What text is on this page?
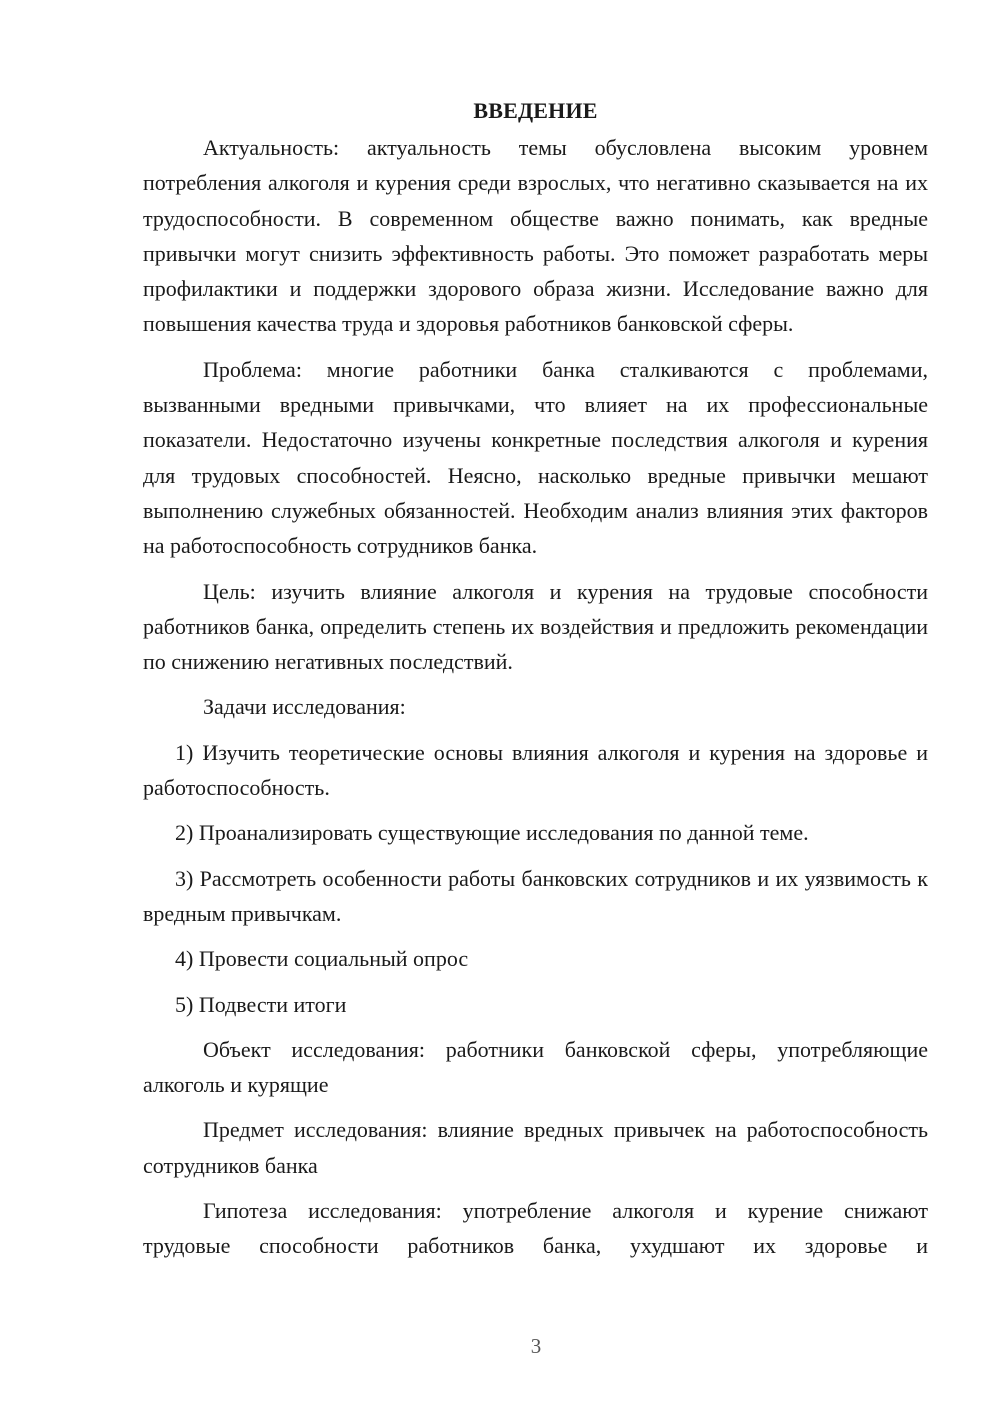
ВВЕДЕНИЕ

Актуальность: актуальность темы обусловлена высоким уровнем потребления алкоголя и курения среди взрослых, что негативно сказывается на их трудоспособности. В современном обществе важно понимать, как вредные привычки могут снизить эффективность работы. Это поможет разработать меры профилактики и поддержки здорового образа жизни. Исследование важно для повышения качества труда и здоровья работников банковской сферы.

Проблема: многие работники банка сталкиваются с проблемами, вызванными вредными привычками, что влияет на их профессиональные показатели. Недостаточно изучены конкретные последствия алкоголя и курения для трудовых способностей. Неясно, насколько вредные привычки мешают выполнению служебных обязанностей. Необходим анализ влияния этих факторов на работоспособность сотрудников банка.

Цель: изучить влияние алкоголя и курения на трудовые способности работников банка, определить степень их воздействия и предложить рекомендации по снижению негативных последствий.

Задачи исследования:

1) Изучить теоретические основы влияния алкоголя и курения на здоровье и работоспособность.

2) Проанализировать существующие исследования по данной теме.

3) Рассмотреть особенности работы банковских сотрудников и их уязвимость к вредным привычкам.

4) Провести социальный опрос

5) Подвести итоги

Объект исследования: работники банковской сферы, употребляющие алкоголь и курящие

Предмет исследования: влияние вредных привычек на работоспособность сотрудников банка

Гипотеза исследования: употребление алкоголя и курение снижают трудовые способности работников банка, ухудшают их здоровье и

3
